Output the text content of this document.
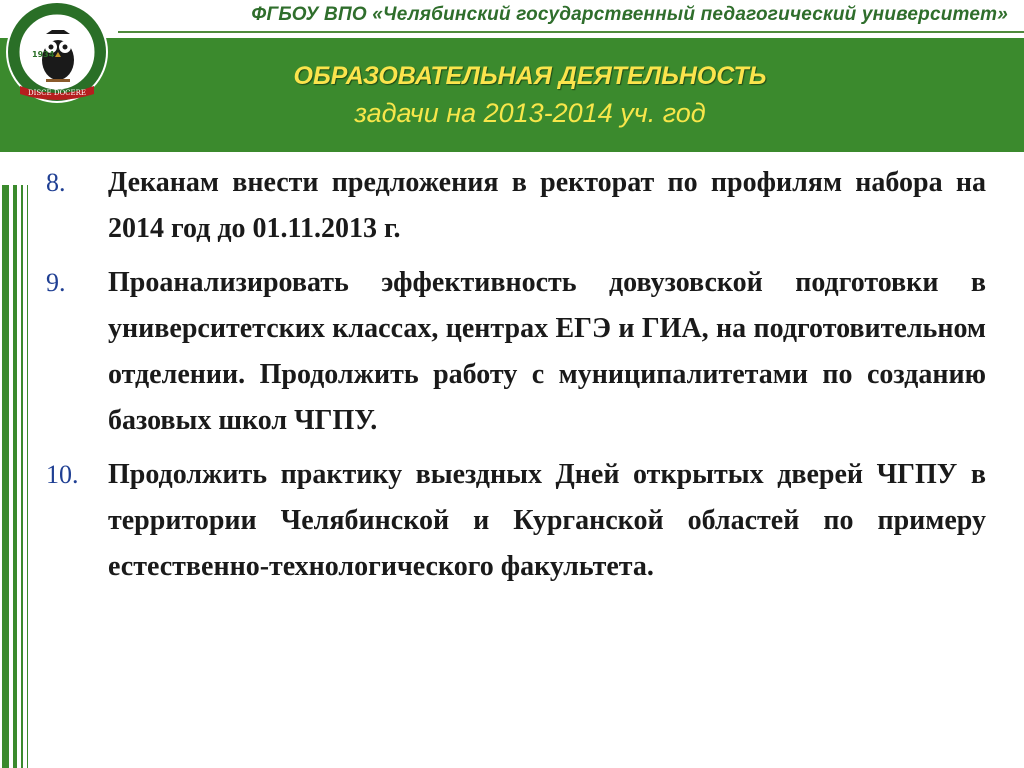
ФГБОУ ВПО «Челябинский государственный педагогический университет»
ОБРАЗОВАТЕЛЬНАЯ ДЕЯТЕЛЬНОСТЬ
задачи на 2013-2014 уч. год
1934
DISCE DOCERE
8.	Деканам внести предложения в ректорат по профилям набора на 2014 год до 01.11.2013 г.
9.	Проанализировать эффективность довузовской подготовки в университетских классах, центрах ЕГЭ и ГИА, на подготовительном отделении. Продолжить работу с муниципалитетами по созданию базовых школ ЧГПУ.
10.	Продолжить практику выездных Дней открытых дверей ЧГПУ в территории Челябинской и Курганской областей по примеру естественно-технологического факультета.
